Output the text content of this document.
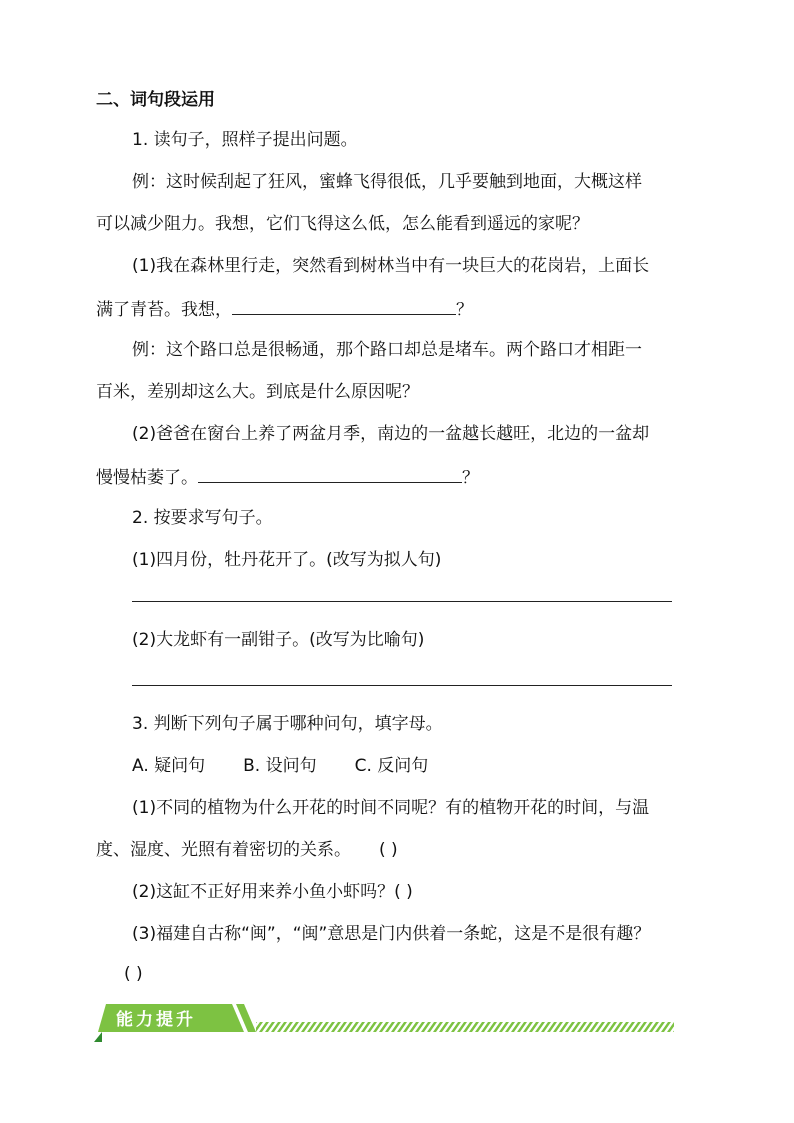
二、词句段运用
1. 读句子，照样子提出问题。
例：这时候刮起了狂风，蜜蜂飞得很低，几乎要触到地面，大概这样
可以减少阻力。我想，它们飞得这么低，怎么能看到遥远的家呢？
(1)我在森林里行走，突然看到树林当中有一块巨大的花岗岩，上面长
满了青苔。我想，	？
例：这个路口总是很畅通，那个路口却总是堵车。两个路口才相距一
百米，差别却这么大。到底是什么原因呢？
(2)爸爸在窗台上养了两盆月季，南边的一盆越长越旺，北边的一盆却
慢慢枯萎了。	？
2. 按要求写句子。
(1)四月份，牡丹花开了。(改写为拟人句)
(2)大龙虾有一副钳子。(改写为比喻句)
3. 判断下列句子属于哪种问句，填字母。
A. 疑问句 B. 设问句 C. 反问句
(1)不同的植物为什么开花的时间不同呢？有的植物开花的时间，与温
度、湿度、光照有着密切的关系。 ( )
(2)这缸不正好用来养小鱼小虾吗？( )
(3)福建自古称“闽”，“闽”意思是门内供着一条蛇，这是不是很有趣？
( )
能力提升
